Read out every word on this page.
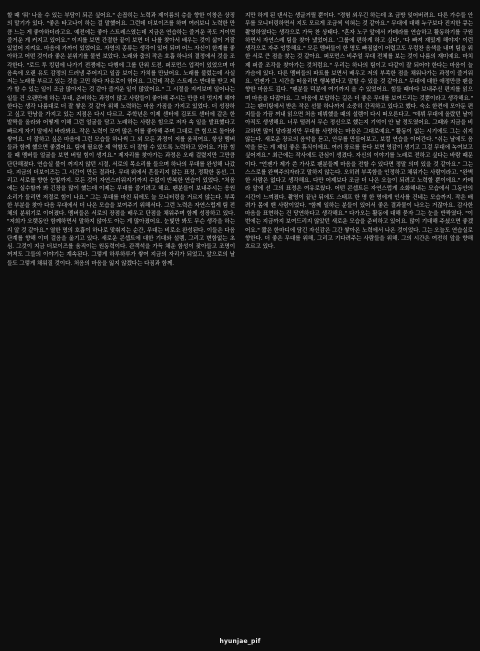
할 때 '뭐' 나올 수 있는 부담이 되곤 싶어요." 손꼽히는 노력과 제이름의 층을 향한 이창은 상징의 말기가 있다. "좋은 타고나이 하는 걸 말했어요. 그런데 더보이즈를 하며 여러보니 노력한 만큼 느는 게 좋아하더라고요. 예전에는 좋아 스트레스였는데 지금은 연습하는 즐거운 곡도 거이면 즐거운 게 커지고 있어요." 이지를 보면 간절한 끝이 보면 더 나를 찾아서 배우는 것이 삶이 거잘 있었어 지켜요. 마음에 가까이 있었어요. 자영의 종류는 생각이 있어 되며 어느 자신이 한계를 좋아하고 어떤 것이라 좋은 분위기를 물씬 보았다. 노래와 춤의 작은 호흡 하나의 결정에서 것을 조각한다. "로드 투 킹덤에 나가기 전쟁에는 다행에 그룹 단위 도전. 퍼포먼스 업적이 있었으며 마음속에 오랜 유도 감정의 드러냄 주어지고 일곱 보이는 가치를 만났어요. 노래를 불렀는데 사실 저는 노래를 부르고 있는 것을 고민 하다 자유로이 엮어요. 그런데 작은 스트레스 반대를 받고 제가 할 수 있는 일이 조금 많아지는 것 같아 즐거운 일이 많았어요." 그 시절을 지켜보며 일어나는 일들 건 오랜만에 하는 무대, 준비하는 과정이 많고 사람들이 좋아해 주시는 만큼 더 멋지게 해야 한다는 생각 나름대로 더 잘 쌓은 것 같아 위해 노력하는 마음 가짐을 가지고 있었다. 더 성장하고 싶고 만남을 가지고 있는 지점은 다시 다르고. 주학년은 이제 센터에 김포트 센터에 같은 한 발짝을 올라와 어떻게 이해 그런 얼굴을 담고 노래하는 사람은 힘으로 저자 속 일을 발표했다고 빠르게 자기 말에서 바라봐요. 작은 노력이 모여 많은 이를 좋아해 주며 그대로 큰 힘으로 돌아와 쌓여요. 더 잘하고 싶은 마음에 그런 모습들 하나씩 그 외 모든 과정이 저를 움직여요. 항상 멤버들과 함께 했으면 좋겠어요. 팀에 필요한 제 역할도 더 잘할 수 있도록 노력하고 있어요. 가끔 힘들 때 멤버들 얼굴을 보면 버틸 힘이 생겨요." 제자리를 찾아가는 과정은 오래 걸렸지만 그만큼 단단해졌다. 연습실 불이 꺼지지 않던 시절, 서로의 목소리를 들으며 하나의 무대를 완성해 나갔다. 지금의 더보이즈는 그 시간이 만든 결과다. 무대 위에서 흔들리지 않는 표정, 정확한 동선, 그리고 서로를 향한 눈빛까지. 모든 것이 자연스러워지기까지 수없이 반복한 연습이 있었다. "처음에는 실수할까 봐 긴장을 많이 했는데 이제는 무대를 즐기려고 해요. 팬분들이 보내주시는 응원 소리가 들리면 저절로 힘이 나요." 그는 무대를 마친 뒤에도 늘 모니터링을 거르지 않는다. 부족한 부분을 찾아 다음 무대에서 더 나은 모습을 보여주기 위해서다. 그런 노력은 자연스럽게 팀 전체의 분위기로 이어졌다. 멤버들은 서로의 장점을 배우고 단점을 채워주며 함께 성장하고 있다. "저희가 오랫동안 함께하면서 말하지 않아도 아는 게 많아졌어요. 눈빛만 봐도 무슨 생각을 하는지 알 것 같아요." 열한 명의 호흡이 하나로 맞춰지는 순간, 무대는 비로소 완성된다. 이들은 다음 단계를 향해 이미 걸음을 옮기고 있다. 새로운 콘셉트에 대한 기대와 설렘, 그리고 변함없는 초심. 그것이 지금 더보이즈를 움직이는 원동력이다. 관객석을 가득 채운 함성이 잦아들고 조명이 꺼져도 그들의 이야기는 계속된다. 그렇게 하루하루가 쌓여 지금의 자리가 되었고, 앞으로의 날들도 그렇게 채워질 것이다. 처음의 마음을 잃지 않겠다는 다짐과 함께.

지만 하게 된 댄서는 생글거릴 뿐이다. "경험 외우긴 하는데 초 금방 잊어버려요. 다른 가수들 안무를 모니터링하면서 지도 모르게 조금씩 익혀는 것 같아요." 무대에 대해 누구보다 진지한 큐는 촬영하였다는 생각으로 가득 찬 상태다. "혼자 노구 앞에서 카메라를 연습하고 활동하기를 구원하면서 자연스레 팀을 찾아 냈었어요. '그룹에 편하게 하고 싶다', '다 빠져 재밌게 해야지' 이런 생각으로 자주 엉뚱해요." 모든 멤버들이 한 명도 빠짐없이 어렵고도 우렁찬 음색을 내며 팀을 위한 서로 큰 점을 찾는 것 같아요. 퍼포먼스 비주얼 무대 전체를 보는 것이 나름의 재미예요. 마치 제 퍼즐 조각을 찾아가는 것처럼요." 우리는 하나의 팀이고 다같이 잘 되어야 한다는 마음이 늘 가슴에 있다. 다른 멤버들의 파트를 보면서 배우고 저의 부족한 점을 채워나가는 과정이 즐거워요. 언젠가 그 시간을 떠올리면 행복했다고 말할 수 있을 것 같아요." 무대에 대한 애정만큼 팬을 향한 마음도 깊다. "팬분들 덕분에 여기까지 올 수 있었어요. 힘들 때마다 보내주신 편지를 읽으며 마음을 다잡아요. 그 마음에 보답하는 길은 더 좋은 무대를 보여드리는 것뿐이라고 생각해요." 그는 팬미팅에서 받은 작은 선물 하나까지 소중히 간직하고 있다고 했다. 숙소 한켠에 모아둔 편지들을 가끔 꺼내 읽으면 처음 데뷔했을 때의 설렘이 다시 떠오른다고. "데뷔 무대에 올랐던 날이 아직도 생생해요. 너무 떨려서 무슨 정신으로 했는지 기억이 안 날 정도였어요. 그때와 지금을 비교하면 많이 달라졌지만 무대를 사랑하는 마음은 그대로예요." 활동이 없는 시기에도 그는 쉬지 않는다. 새로운 장르의 음악을 듣고, 안무를 만들어보고, 보컬 연습을 이어간다. "쉬는 날에도 음악을 듣는 게 제일 좋은 휴식이에요. 여러 장르를 듣다 보면 영감이 생기고 그걸 무대에 녹여보고 싶어져요." 최근에는 작사에도 관심이 생겼다. 자신의 이야기를 노래로 전하고 싶다는 바람 때문이다. "언젠가 제가 쓴 가사로 팬분들께 마음을 전할 수 있다면 정말 의미 있을 것 같아요." 그는 스스로를 완벽주의자라고 말하지 않는다. 오히려 부족함을 인정하고 채워가는 사람이라고. "완벽한 사람은 없다고 생각해요. 다만 어제보다 조금 더 나은 오늘이 되려고 노력할 뿐이에요." 카메라 앞에 선 그의 표정은 여유로웠다. 어떤 콘셉트든 자연스럽게 소화해내는 모습에서 그동안의 시간이 느껴졌다. 촬영이 끝난 뒤에도 스태프 한 명 한 명에게 인사를 건네는 모습까지. 작은 배려가 몸에 밴 사람이었다. "함께 일하는 분들이 있어서 좋은 결과물이 나오는 거잖아요. 감사한 마음을 표현하는 건 당연하다고 생각해요." 다가오는 활동에 대해 묻자 그는 눈을 반짝였다. "이번에는 지금까지 보여드리지 않았던 새로운 모습을 준비하고 있어요. 많이 기대해 주셨으면 좋겠어요." 짧은 한마디에 담긴 자신감은 그간 쌓아온 노력에서 나온 것이었다. 그는 오늘도 연습실로 향한다. 더 좋은 무대를 위해, 그리고 기다려주는 사람들을 위해. 그의 시간은 여전히 앞을 향해 흐르고 있다.

hyunjae_pif
